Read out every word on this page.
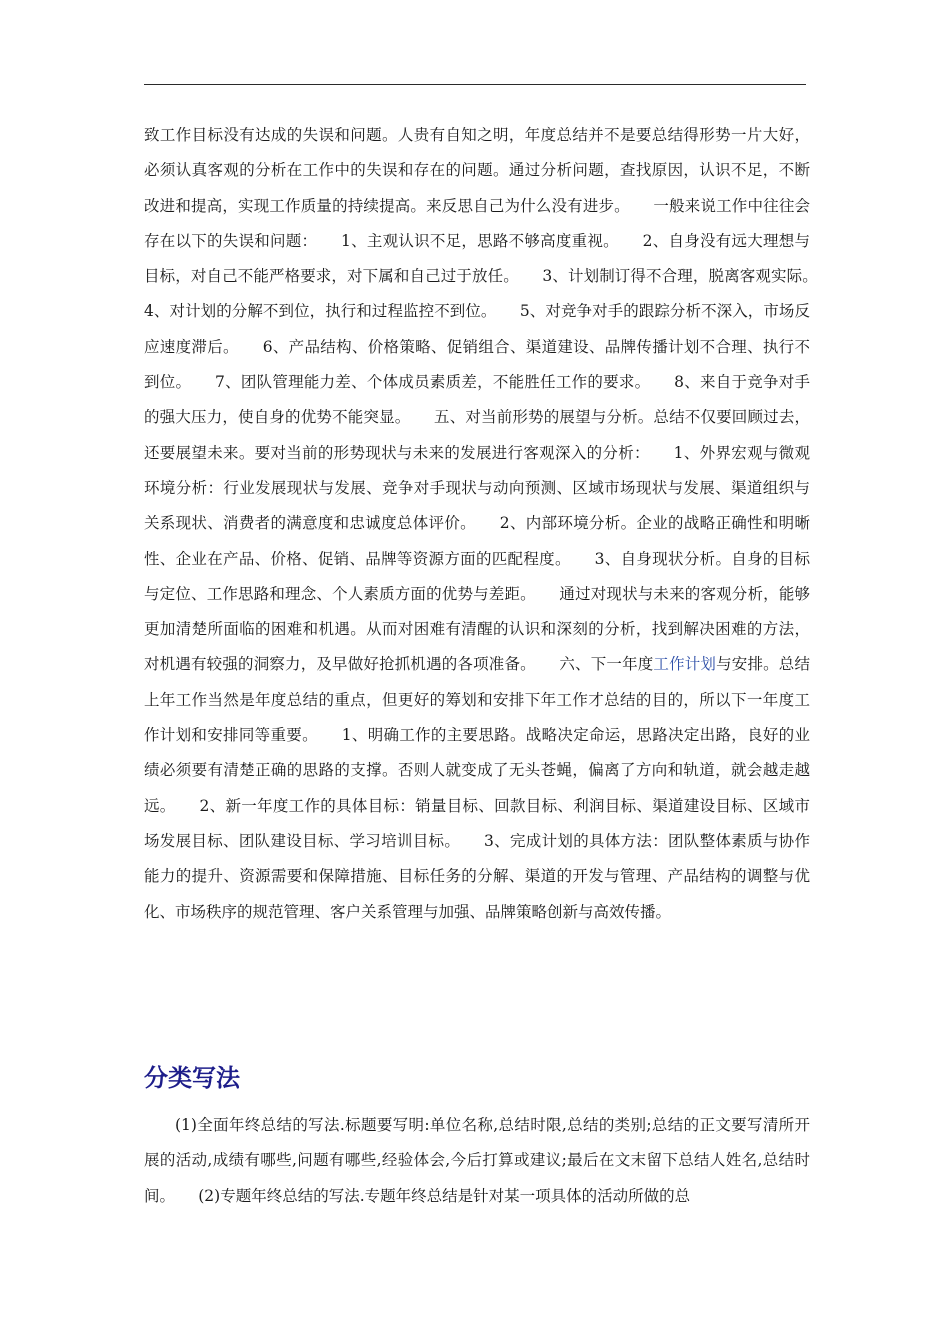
致工作目标没有达成的失误和问题。人贵有自知之明，年度总结并不是要总结得形势一片大好，必须认真客观的分析在工作中的失误和存在的问题。通过分析问题，查找原因，认识不足，不断改进和提高，实现工作质量的持续提高。来反思自己为什么没有进步。　　一般来说工作中往往会存在以下的失误和问题：　　1、主观认识不足，思路不够高度重视。　　2、自身没有远大理想与目标，对自己不能严格要求，对下属和自己过于放任。　　3、计划制订得不合理，脱离客观实际。　　4、对计划的分解不到位，执行和过程监控不到位。　　5、对竞争对手的跟踪分析不深入，市场反应速度滞后。　　6、产品结构、价格策略、促销组合、渠道建设、品牌传播计划不合理、执行不到位。　　7、团队管理能力差、个体成员素质差，不能胜任工作的要求。　　8、来自于竞争对手的强大压力，使自身的优势不能突显。　　五、对当前形势的展望与分析。总结不仅要回顾过去，还要展望未来。要对当前的形势现状与未来的发展进行客观深入的分析：　　1、外界宏观与微观环境分析：行业发展现状与发展、竞争对手现状与动向预测、区域市场现状与发展、渠道组织与关系现状、消费者的满意度和忠诚度总体评价。　　2、内部环境分析。企业的战略正确性和明晰性、企业在产品、价格、促销、品牌等资源方面的匹配程度。　　3、自身现状分析。自身的目标与定位、工作思路和理念、个人素质方面的优势与差距。　　通过对现状与未来的客观分析，能够更加清楚所面临的困难和机遇。从而对困难有清醒的认识和深刻的分析，找到解决困难的方法，对机遇有较强的洞察力，及早做好抢抓机遇的各项准备。　　六、下一年度工作计划与安排。总结上年工作当然是年度总结的重点，但更好的筹划和安排下年工作才总结的目的，所以下一年度工作计划和安排同等重要。　　1、明确工作的主要思路。战略决定命运，思路决定出路，良好的业绩必须要有清楚正确的思路的支撑。否则人就变成了无头苍蝇，偏离了方向和轨道，就会越走越远。　　2、新一年度工作的具体目标：销量目标、回款目标、利润目标、渠道建设目标、区域市场发展目标、团队建设目标、学习培训目标。　　3、完成计划的具体方法：团队整体素质与协作能力的提升、资源需要和保障措施、目标任务的分解、渠道的开发与管理、产品结构的调整与优化、市场秩序的规范管理、客户关系管理与加强、品牌策略创新与高效传播。

分类写法

(1)全面年终总结的写法.标题要写明:单位名称,总结时限,总结的类别;总结的正文要写清所开展的活动,成绩有哪些,问题有哪些,经验体会,今后打算或建议;最后在文末留下总结人姓名,总结时间。　　(2)专题年终总结的写法.专题年终总结是针对某一项具体的活动所做的总
